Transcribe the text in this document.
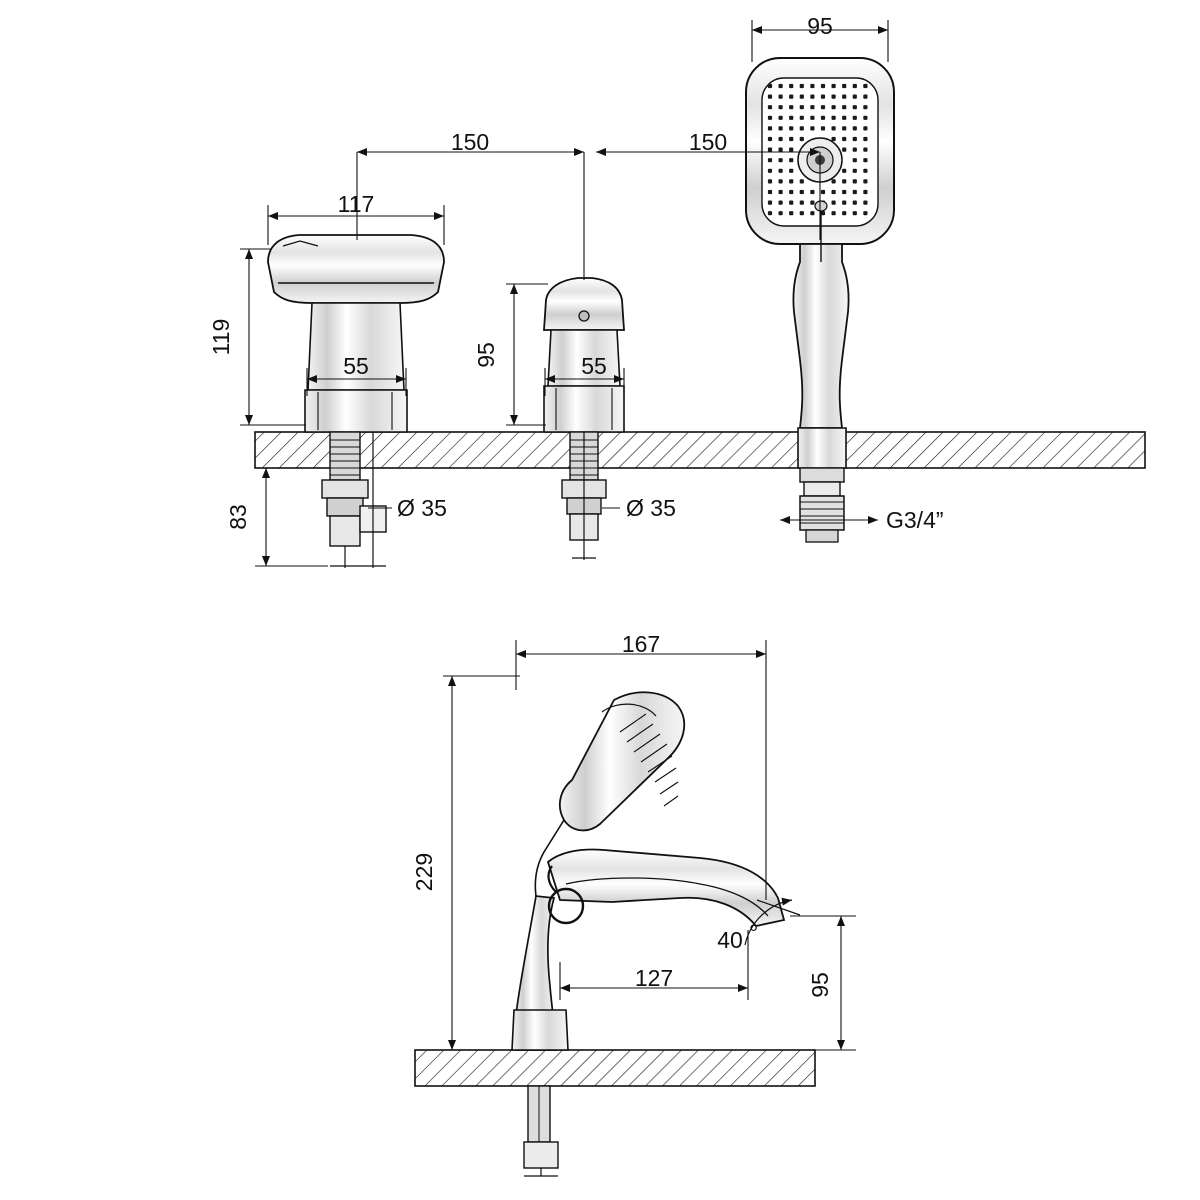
95
150	150
117
119
55	95	55
83	Ø 35	Ø 35	G3/4”
167
229
127	95
40 °
